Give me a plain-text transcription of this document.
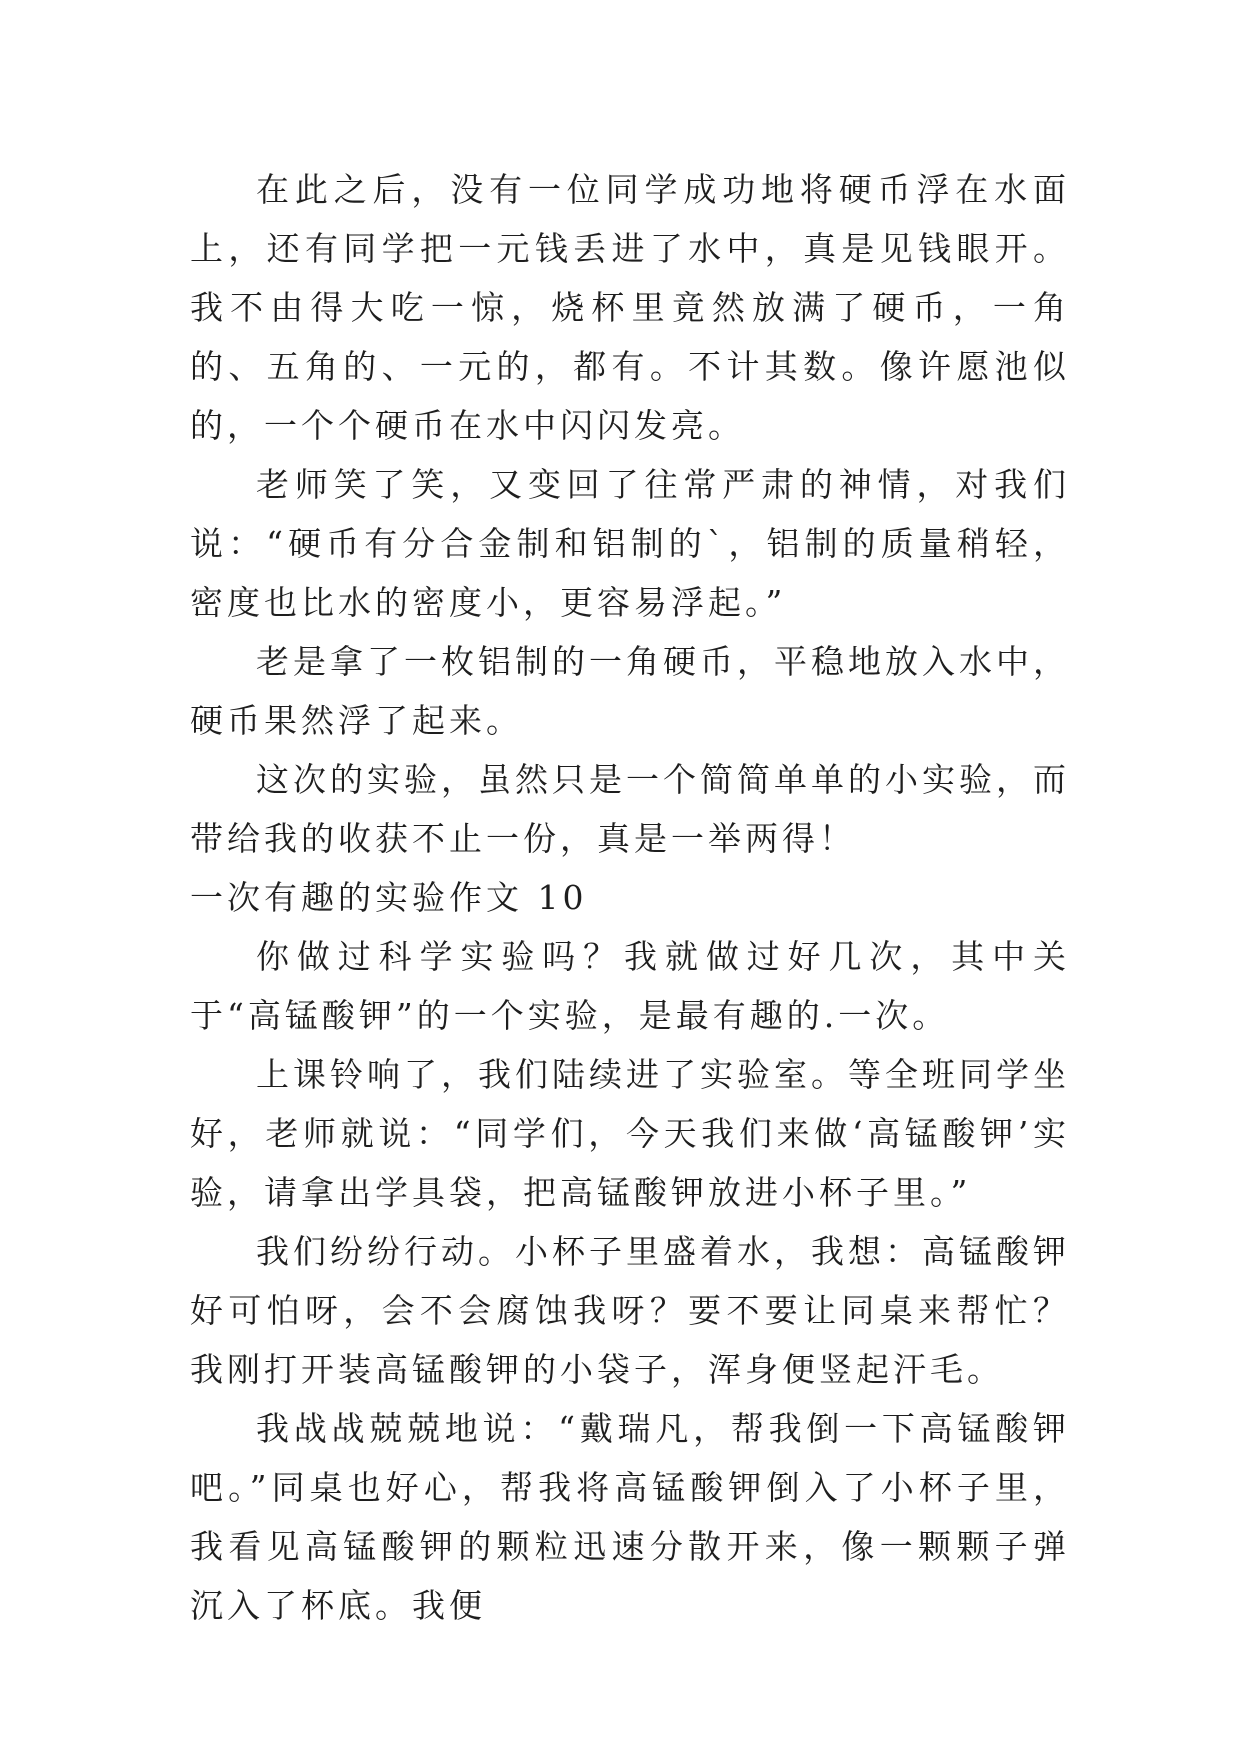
在此之后，没有一位同学成功地将硬币浮在水面上，还有同学把一元钱丢进了水中，真是见钱眼开。我不由得大吃一惊，烧杯里竟然放满了硬币，一角的、五角的、一元的，都有。不计其数。像许愿池似的，一个个硬币在水中闪闪发亮。

老师笑了笑，又变回了往常严肃的神情，对我们说：“硬币有分合金制和铝制的`，铝制的质量稍轻，密度也比水的密度小，更容易浮起。”

老是拿了一枚铝制的一角硬币，平稳地放入水中，硬币果然浮了起来。

这次的实验，虽然只是一个简简单单的小实验，而带给我的收获不止一份，真是一举两得！

一次有趣的实验作文 10

你做过科学实验吗？我就做过好几次，其中关于“高锰酸钾”的一个实验，是最有趣的.一次。

上课铃响了，我们陆续进了实验室。等全班同学坐好，老师就说：“同学们，今天我们来做‘高锰酸钾’实验，请拿出学具袋，把高锰酸钾放进小杯子里。”

我们纷纷行动。小杯子里盛着水，我想：高锰酸钾好可怕呀，会不会腐蚀我呀？要不要让同桌来帮忙？我刚打开装高锰酸钾的小袋子，浑身便竖起汗毛。

我战战兢兢地说：“戴瑞凡，帮我倒一下高锰酸钾吧。”同桌也好心，帮我将高锰酸钾倒入了小杯子里，我看见高锰酸钾的颗粒迅速分散开来，像一颗颗子弹沉入了杯底。我便
